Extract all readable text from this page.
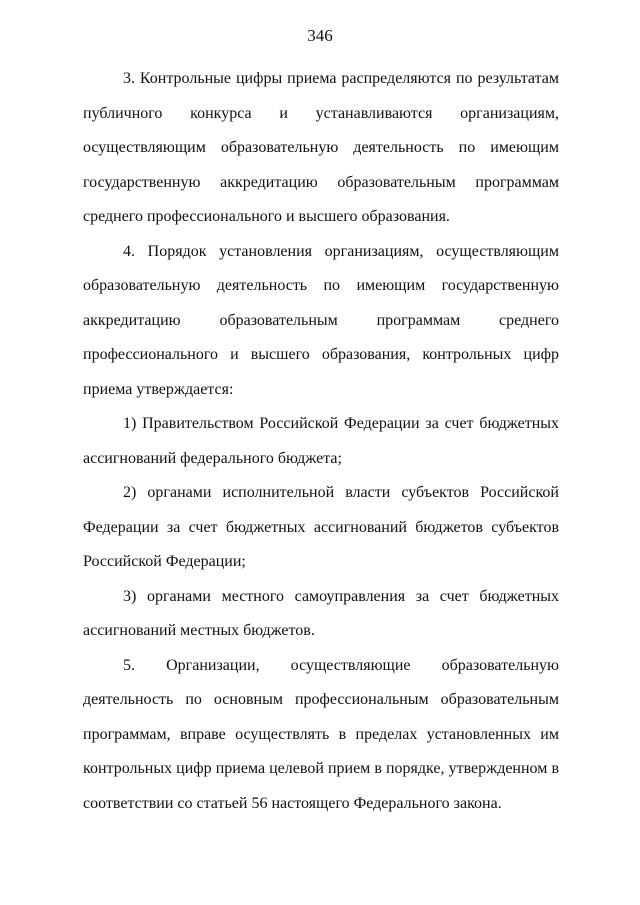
346

3. Контрольные цифры приема распределяются по результатам публичного конкурса и устанавливаются организациям, осуществляющим образовательную деятельность по имеющим государственную аккредитацию образовательным программам среднего профессионального и высшего образования.

4. Порядок установления организациям, осуществляющим образовательную деятельность по имеющим государственную аккредитацию образовательным программам среднего профессионального и высшего образования, контрольных цифр приема утверждается:

1) Правительством Российской Федерации за счет бюджетных ассигнований федерального бюджета;

2) органами исполнительной власти субъектов Российской Федерации за счет бюджетных ассигнований бюджетов субъектов Российской Федерации;

3) органами местного самоуправления за счет бюджетных ассигнований местных бюджетов.

5. Организации, осуществляющие образовательную деятельность по основным профессиональным образовательным программам, вправе осуществлять в пределах установленных им контрольных цифр приема целевой прием в порядке, утвержденном в соответствии со статьей 56 настоящего Федерального закона.
